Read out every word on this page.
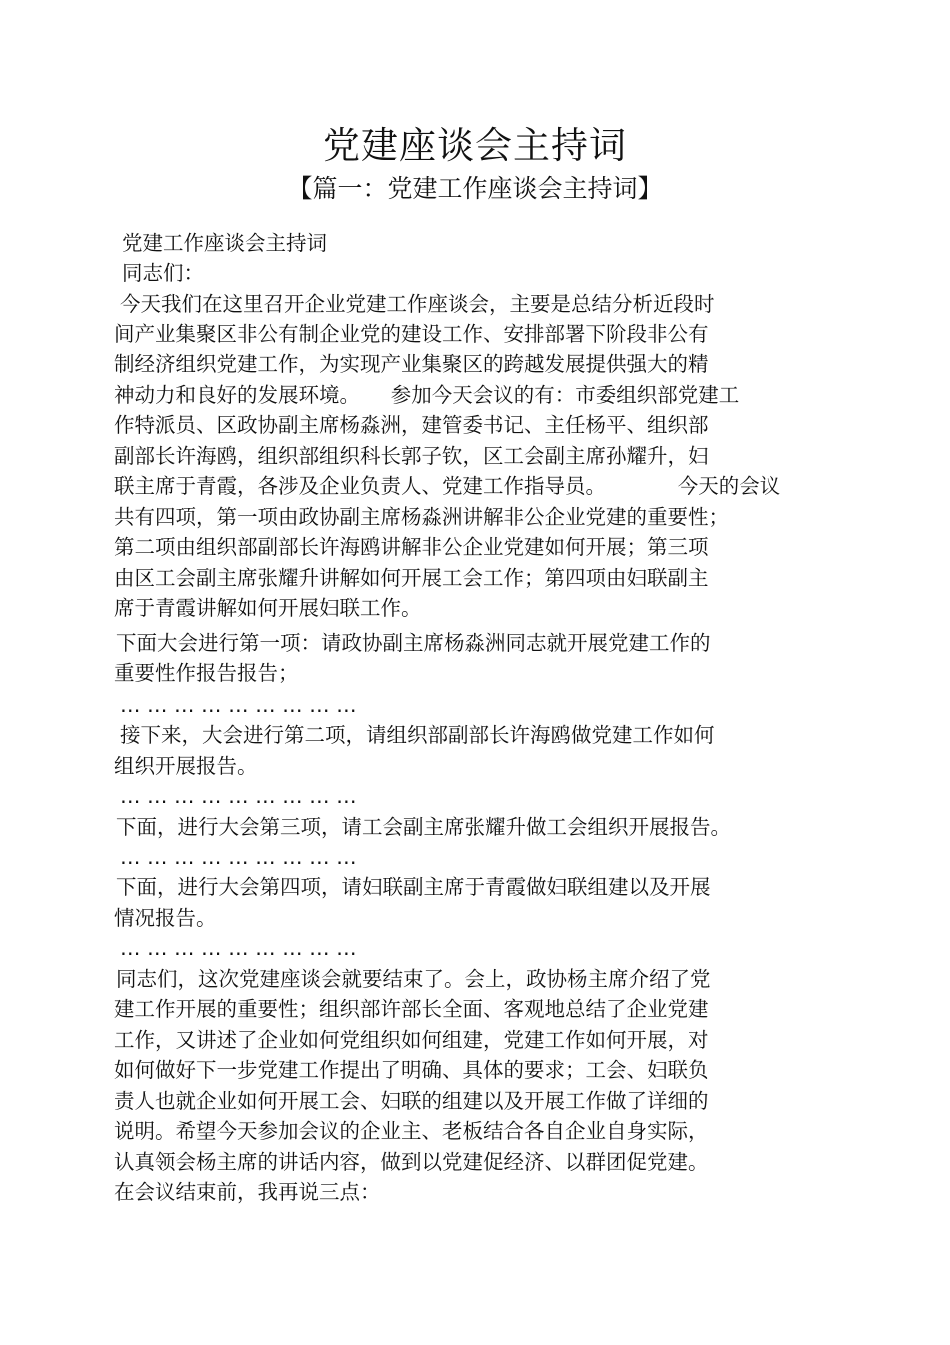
党建座谈会主持词
【篇一：党建工作座谈会主持词】
党建工作座谈会主持词
同志们：
今天我们在这里召开企业党建工作座谈会，主要是总结分析近段时
间产业集聚区非公有制企业党的建设工作、安排部署下阶段非公有
制经济组织党建工作，为实现产业集聚区的跨越发展提供强大的精
神动力和良好的发展环境。　　参加今天会议的有：市委组织部党建工
作特派员、区政协副主席杨淼洲，建管委书记、主任杨平、组织部
副部长许海鸥，组织部组织科长郭子钦，区工会副主席孙耀升，妇
联主席于青霞，各涉及企业负责人、党建工作指导员。　　　　今天的会议
共有四项，第一项由政协副主席杨淼洲讲解非公企业党建的重要性；
第二项由组织部副部长许海鸥讲解非公企业党建如何开展；第三项
由区工会副主席张耀升讲解如何开展工会工作；第四项由妇联副主
席于青霞讲解如何开展妇联工作。
下面大会进行第一项：请政协副主席杨淼洲同志就开展党建工作的
重要性作报告报告；
… … … … … … … … …
接下来，大会进行第二项，请组织部副部长许海鸥做党建工作如何
组织开展报告。
… … … … … … … … …
下面，进行大会第三项，请工会副主席张耀升做工会组织开展报告。
… … … … … … … … …
下面，进行大会第四项，请妇联副主席于青霞做妇联组建以及开展
情况报告。
… … … … … … … … …
同志们，这次党建座谈会就要结束了。会上，政协杨主席介绍了党
建工作开展的重要性；组织部许部长全面、客观地总结了企业党建
工作，又讲述了企业如何党组织如何组建，党建工作如何开展，对
如何做好下一步党建工作提出了明确、具体的要求；工会、妇联负
责人也就企业如何开展工会、妇联的组建以及开展工作做了详细的
说明。希望今天参加会议的企业主、老板结合各自企业自身实际，
认真领会杨主席的讲话内容，做到以党建促经济、以群团促党建。
在会议结束前，我再说三点：
